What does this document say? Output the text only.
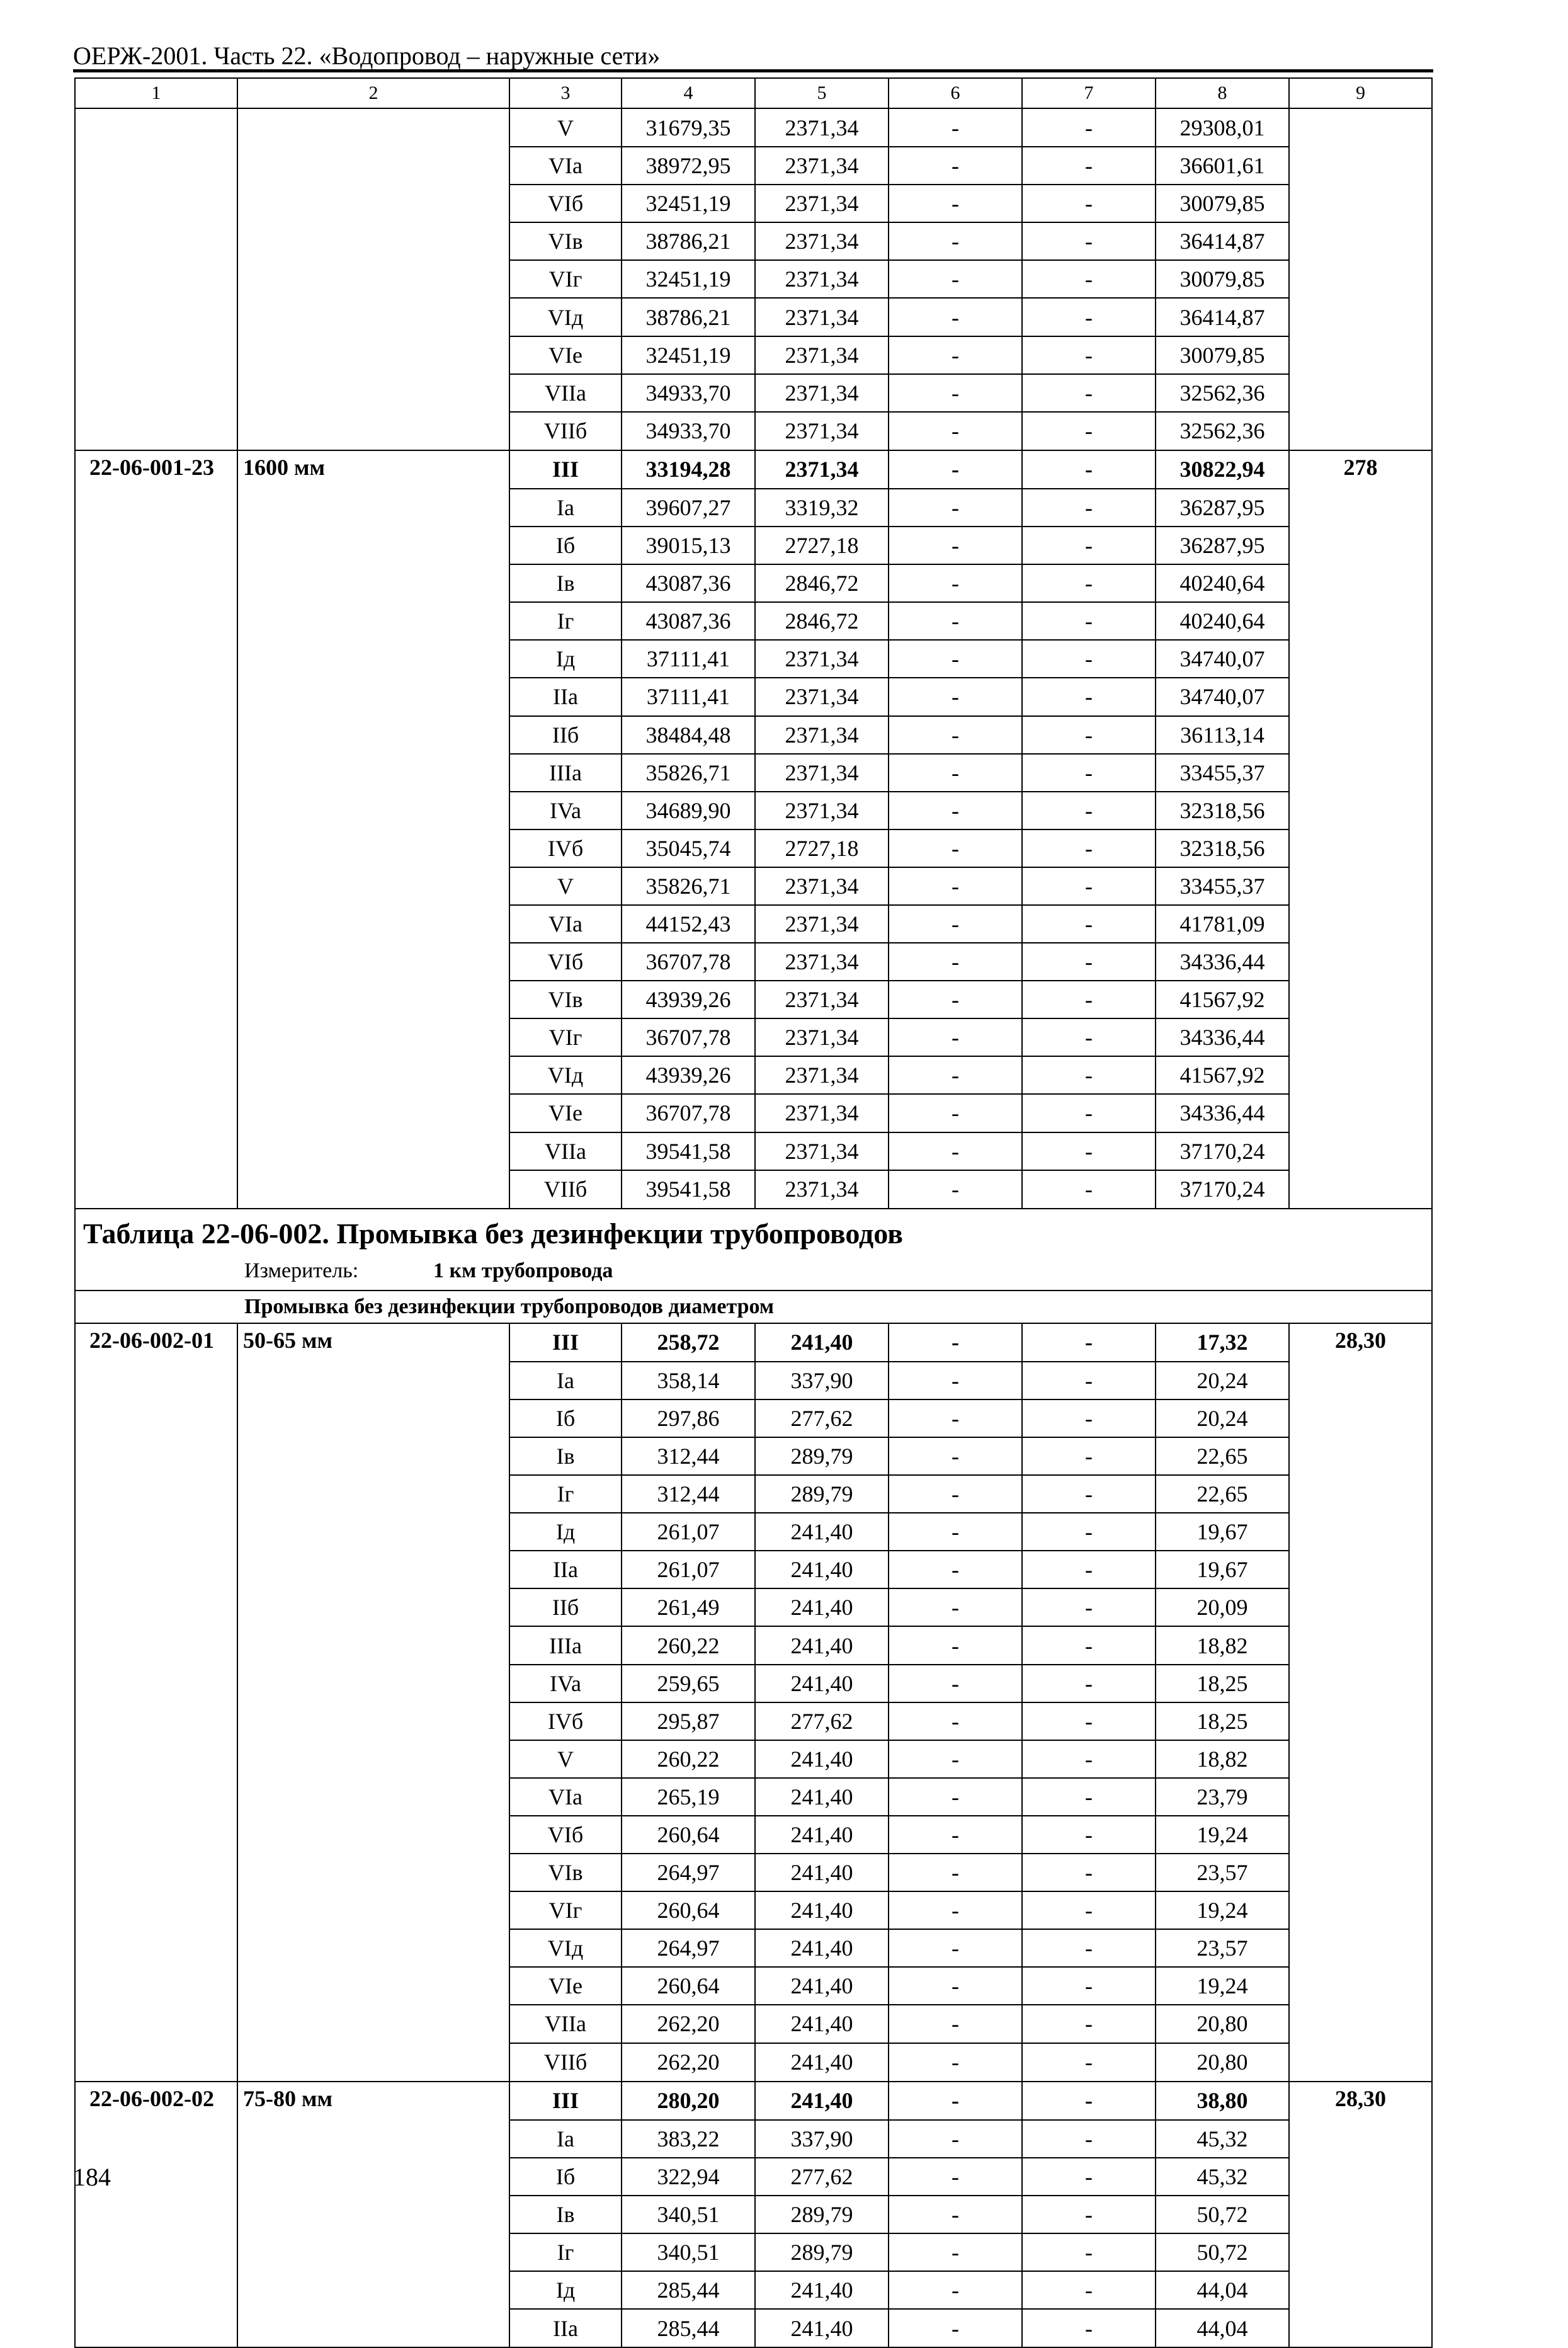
ОЕРЖ-2001. Часть 22. «Водопровод – наружные сети»
1	2	3	4	5	6	7	8	9
		V	31679,35	2371,34	-	-	29308,01	
		VIa	38972,95	2371,34	-	-	36601,61	
		VIб	32451,19	2371,34	-	-	30079,85	
		VIв	38786,21	2371,34	-	-	36414,87	
		VIг	32451,19	2371,34	-	-	30079,85	
		VIд	38786,21	2371,34	-	-	36414,87	
		VIe	32451,19	2371,34	-	-	30079,85	
		VIIa	34933,70	2371,34	-	-	32562,36	
		VIIб	34933,70	2371,34	-	-	32562,36	
22-06-001-23	1600 мм	III	33194,28	2371,34	-	-	30822,94	278
		Ia	39607,27	3319,32	-	-	36287,95	
		Iб	39015,13	2727,18	-	-	36287,95	
		Iв	43087,36	2846,72	-	-	40240,64	
		Iг	43087,36	2846,72	-	-	40240,64	
		Iд	37111,41	2371,34	-	-	34740,07	
		IIa	37111,41	2371,34	-	-	34740,07	
		IIб	38484,48	2371,34	-	-	36113,14	
		IIIa	35826,71	2371,34	-	-	33455,37	
		IVa	34689,90	2371,34	-	-	32318,56	
		IVб	35045,74	2727,18	-	-	32318,56	
		V	35826,71	2371,34	-	-	33455,37	
		VIa	44152,43	2371,34	-	-	41781,09	
		VIб	36707,78	2371,34	-	-	34336,44	
		VIв	43939,26	2371,34	-	-	41567,92	
		VIг	36707,78	2371,34	-	-	34336,44	
		VIд	43939,26	2371,34	-	-	41567,92	
		VIe	36707,78	2371,34	-	-	34336,44	
		VIIa	39541,58	2371,34	-	-	37170,24	
		VIIб	39541,58	2371,34	-	-	37170,24	

Таблица 22-06-002. Промывка без дезинфекции трубопроводов
Измеритель: 1 км трубопровода								

Промывка без дезинфекции трубопроводов диаметром								
22-06-002-01	50-65 мм	III	258,72	241,40	-	-	17,32	28,30
		Ia	358,14	337,90	-	-	20,24	
		Iб	297,86	277,62	-	-	20,24	
		Iв	312,44	289,79	-	-	22,65	
		Iг	312,44	289,79	-	-	22,65	
		Iд	261,07	241,40	-	-	19,67	
		IIa	261,07	241,40	-	-	19,67	
		IIб	261,49	241,40	-	-	20,09	
		IIIa	260,22	241,40	-	-	18,82	
		IVa	259,65	241,40	-	-	18,25	
		IVб	295,87	277,62	-	-	18,25	
		V	260,22	241,40	-	-	18,82	
		VIa	265,19	241,40	-	-	23,79	
		VIб	260,64	241,40	-	-	19,24	
		VIв	264,97	241,40	-	-	23,57	
		VIг	260,64	241,40	-	-	19,24	
		VIд	264,97	241,40	-	-	23,57	
		VIe	260,64	241,40	-	-	19,24	
		VIIa	262,20	241,40	-	-	20,80	
		VIIб	262,20	241,40	-	-	20,80	
22-06-002-02	75-80 мм	III	280,20	241,40	-	-	38,80	28,30
		Ia	383,22	337,90	-	-	45,32	
		Iб	322,94	277,62	-	-	45,32	
		Iв	340,51	289,79	-	-	50,72	
		Iг	340,51	289,79	-	-	50,72	
		Iд	285,44	241,40	-	-	44,04	
		IIa	285,44	241,40	-	-	44,04	
184
